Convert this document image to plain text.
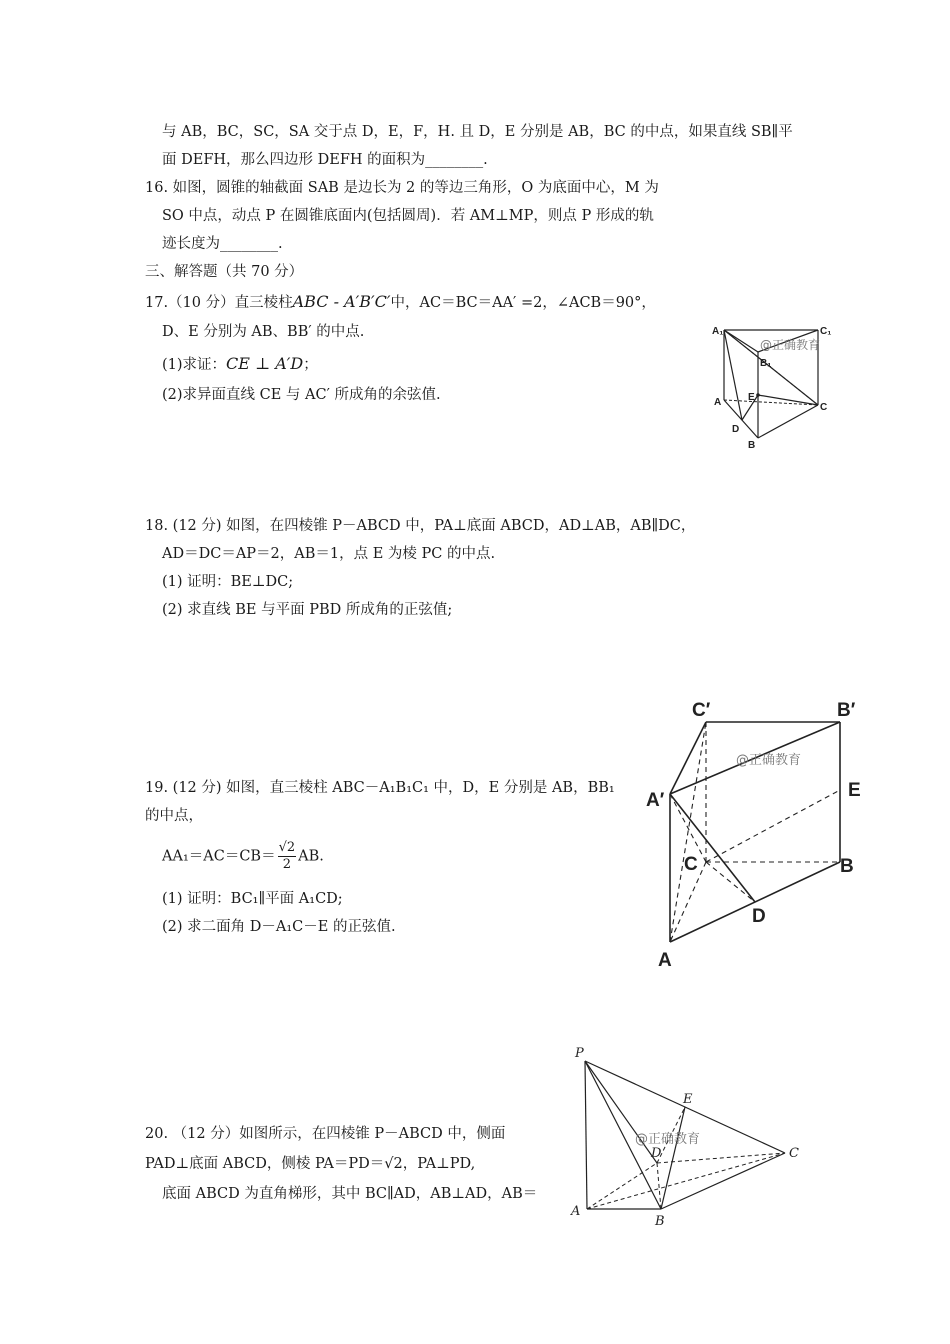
与 AB，BC，SC，SA 交于点 D，E，F，H. 且 D，E 分别是 AB，BC 的中点，如果直线 SB∥平
面 DEFH，那么四边形 DEFH 的面积为________.
16. 如图，圆锥的轴截面 SAB 是边长为 2 的等边三角形，O 为底面中心，M 为
SO 中点，动点 P 在圆锥底面内(包括圆周)．若 AM⊥MP，则点 P 形成的轨
迹长度为________.
三、解答题（共 70 分）
17.（10 分）直三棱柱ABC - A′B′C′中，AC＝BC＝AA′ =2，∠ACB＝90°，
D、E 分别为 AB、BB′ 的中点.
(1)求证：CE ⊥ A′D；
(2)求异面直线 CE 与 AC′ 所成角的余弦值.
@正确教育
A₁	C₁
B₁
A	E
C
D
B
18. (12 分) 如图，在四棱锥 P－ABCD 中，PA⊥底面 ABCD，AD⊥AB，AB∥DC，
AD＝DC＝AP＝2，AB＝1，点 E 为棱 PC 的中点.
(1) 证明：BE⊥DC;
(2) 求直线 BE 与平面 PBD 所成角的正弦值;
19. (12 分) 如图，直三棱柱 ABC－A₁B₁C₁ 中，D，E 分别是 AB，BB₁
的中点，
$AA_1=AC=CB= \frac{√2}{2}$ AB.
(1) 证明：BC₁∥平面 A₁CD;
(2) 求二面角 D－A₁C－E 的正弦值.
@正确教育
C′	B′
A′	E
C	B
D
A
20. （12 分）如图所示，在四棱锥 P－ABCD 中，侧面
PAD⊥底面 ABCD，侧棱 PA＝PD＝√2，PA⊥PD,
底面 ABCD 为直角梯形，其中 BC∥AD，AB⊥AD，AB＝
@正确教育
P
E
D	C
A
B
